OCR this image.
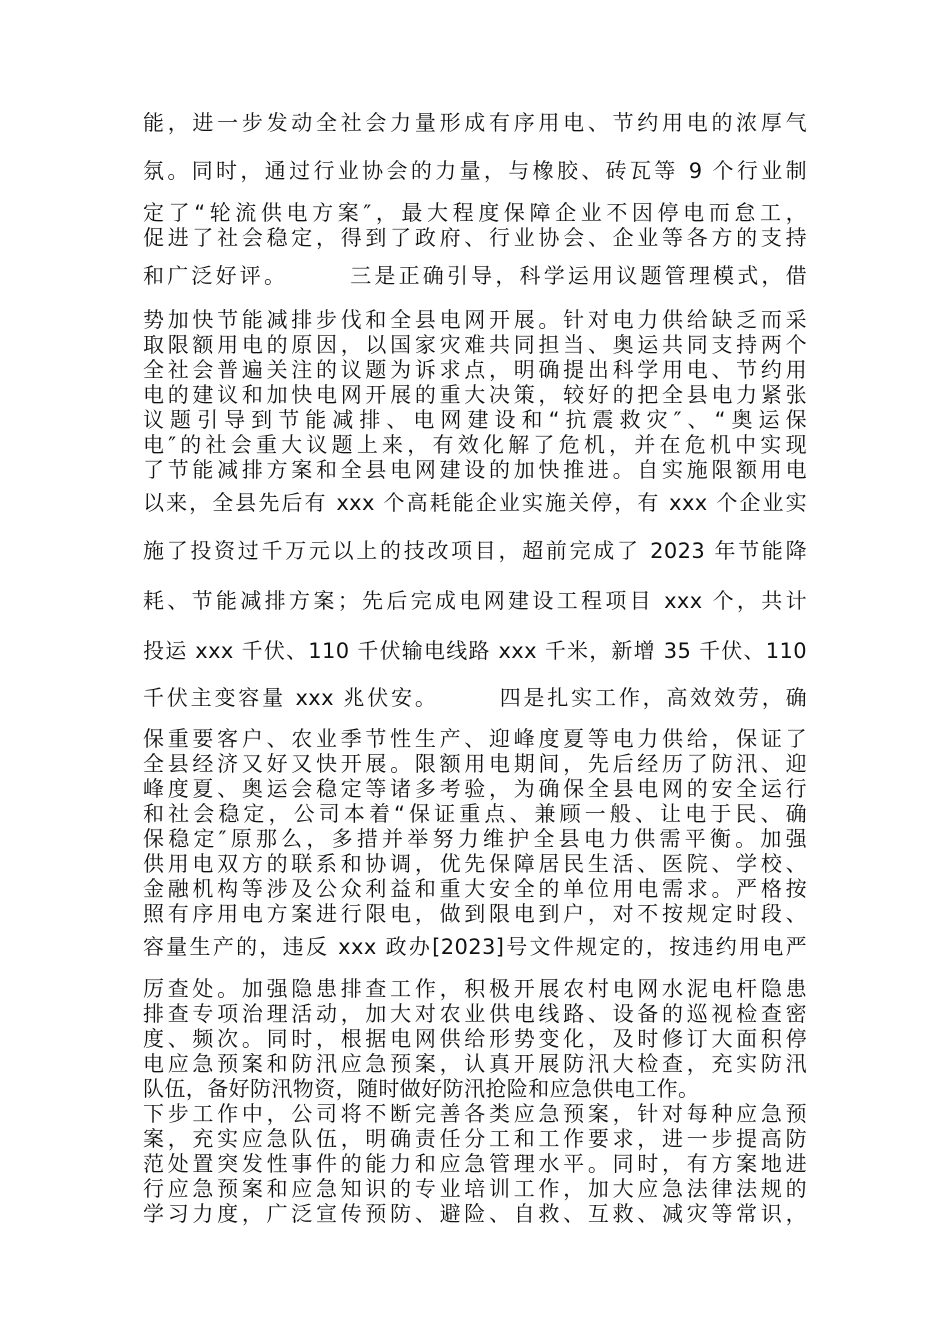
能，进一步发动全社会力量形成有序用电、节约用电的浓厚气
氛。同时，通过行业协会的力量，与橡胶、砖瓦等 9 个行业制
定了“轮流供电方案″，最大程度保障企业不因停电而怠工，
促进了社会稳定，得到了政府、行业协会、企业等各方的支持
和广泛好评。　　　三是正确引导，科学运用议题管理模式，借
势加快节能减排步伐和全县电网开展。针对电力供给缺乏而采
取限额用电的原因，以国家灾难共同担当、奥运共同支持两个
全社会普遍关注的议题为诉求点，明确提出科学用电、节约用
电的建议和加快电网开展的重大决策，较好的把全县电力紧张
议题引导到节能减排、电网建设和“抗震救灾″、“奥运保
电″的社会重大议题上来，有效化解了危机，并在危机中实现
了节能减排方案和全县电网建设的加快推进。自实施限额用电
以来，全县先后有 xxx 个高耗能企业实施关停，有 xxx 个企业实
施了投资过千万元以上的技改项目，超前完成了 2023 年节能降
耗、节能减排方案；先后完成电网建设工程项目 xxx 个，共计
投运 xxx 千伏、110 千伏输电线路 xxx 千米，新增 35 千伏、110
千伏主变容量 xxx 兆伏安。　　　四是扎实工作，高效效劳，确
保重要客户、农业季节性生产、迎峰度夏等电力供给，保证了
全县经济又好又快开展。限额用电期间，先后经历了防汛、迎
峰度夏、奥运会稳定等诸多考验，为确保全县电网的安全运行
和社会稳定，公司本着“保证重点、兼顾一般、让电于民、确
保稳定″原那么，多措并举努力维护全县电力供需平衡。加强
供用电双方的联系和协调，优先保障居民生活、医院、学校、
金融机构等涉及公众利益和重大安全的单位用电需求。严格按
照有序用电方案进行限电，做到限电到户，对不按规定时段、
容量生产的，违反 xxx 政办[2023]号文件规定的，按违约用电严
厉查处。加强隐患排查工作，积极开展农村电网水泥电杆隐患
排查专项治理活动，加大对农业供电线路、设备的巡视检查密
度、频次。同时，根据电网供给形势变化，及时修订大面积停
电应急预案和防汛应急预案，认真开展防汛大检查，充实防汛
队伍，备好防汛物资，随时做好防汛抢险和应急供电工作。
下步工作中，公司将不断完善各类应急预案，针对每种应急预
案，充实应急队伍，明确责任分工和工作要求，进一步提高防
范处置突发性事件的能力和应急管理水平。同时，有方案地进
行应急预案和应急知识的专业培训工作，加大应急法律法规的
学习力度，广泛宣传预防、避险、自救、互救、减灾等常识，
